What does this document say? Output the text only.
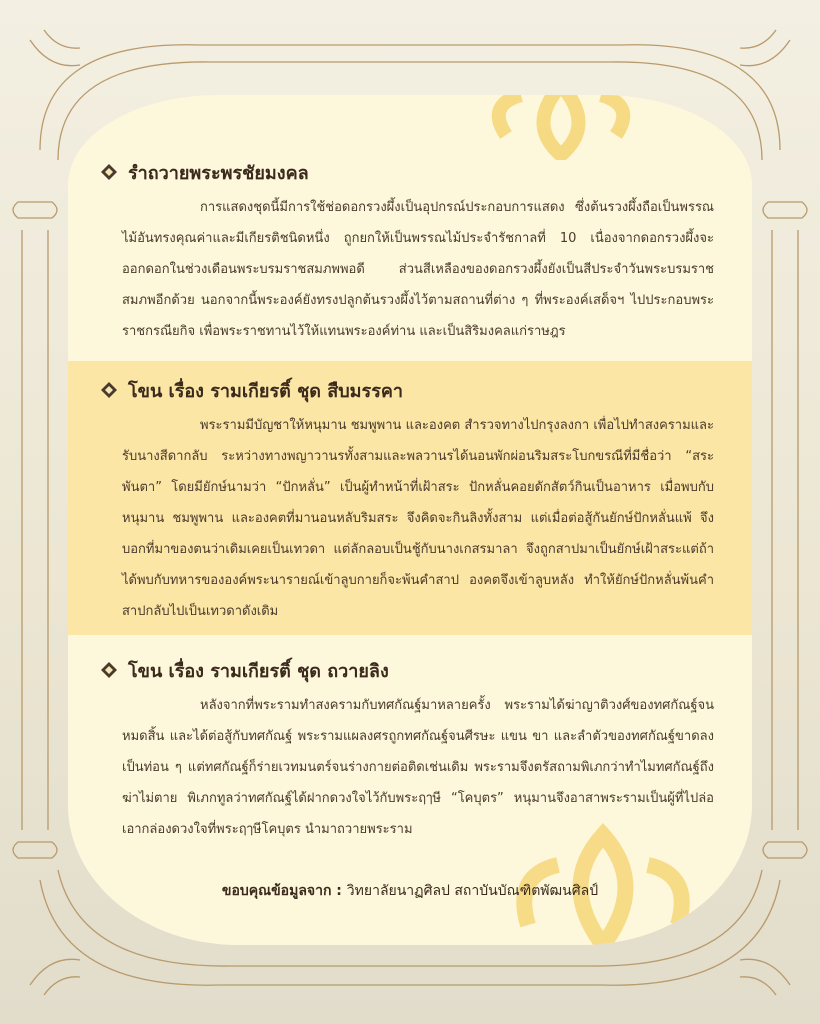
รำถวายพระพรชัยมงคล
การแสดงชุดนี้มีการใช้ช่อดอกรวงผึ้งเป็นอุปกรณ์ประกอบการแสดง ซึ่งต้นรวงผึ้งถือเป็นพรรณไม้อันทรงคุณค่าและมีเกียรติชนิดหนึ่ง ถูกยกให้เป็นพรรณไม้ประจำรัชกาลที่ 10 เนื่องจากดอกรวงผึ้งจะออกดอกในช่วงเดือนพระบรมราชสมภพพอดี ส่วนสีเหลืองของดอกรวงผึ้งยังเป็นสีประจำวันพระบรมราชสมภพอีกด้วย นอกจากนี้พระองค์ยังทรงปลูกต้นรวงผึ้งไว้ตามสถานที่ต่าง ๆ ที่พระองค์เสด็จฯ ไปประกอบพระราชกรณียกิจ เพื่อพระราชทานไว้ให้แทนพระองค์ท่าน และเป็นสิริมงคลแก่ราษฎร
โขน เรื่อง รามเกียรติ์ ชุด สืบมรรคา
พระรามมีบัญชาให้หนุมาน ชมพูพาน และองคต สำรวจทางไปกรุงลงกา เพื่อไปทำสงครามและรับนางสีดากลับ ระหว่างทางพญาวานรทั้งสามและพลวานรได้นอนพักผ่อนริมสระโบกขรณีที่มีชื่อว่า “สระพันตา” โดยมียักษ์นามว่า “ปักหลั่น” เป็นผู้ทำหน้าที่เฝ้าสระ ปักหลั่นคอยดักสัตว์กินเป็นอาหาร เมื่อพบกับหนุมาน ชมพูพาน และองคตที่มานอนหลับริมสระ จึงคิดจะกินลิงทั้งสาม แต่เมื่อต่อสู้กันยักษ์ปักหลั่นแพ้ จึงบอกที่มาของตนว่าเดิมเคยเป็นเทวดา แต่ลักลอบเป็นชู้กับนางเกสรมาลา จึงถูกสาปมาเป็นยักษ์เฝ้าสระแต่ถ้าได้พบกับทหารขององค์พระนารายณ์เข้าลูบกายก็จะพ้นคำสาป องคตจึงเข้าลูบหลัง ทำให้ยักษ์ปักหลั่นพ้นคำสาปกลับไปเป็นเทวดาดังเดิม
โขน เรื่อง รามเกียรติ์ ชุด ถวายลิง
หลังจากที่พระรามทำสงครามกับทศกัณฐ์มาหลายครั้ง พระรามได้ฆ่าญาติวงศ์ของทศกัณฐ์จนหมดสิ้น และได้ต่อสู้กับทศกัณฐ์ พระรามแผลงศรถูกทศกัณฐ์จนศีรษะ แขน ขา และลำตัวของทศกัณฐ์ขาดลงเป็นท่อน ๆ แต่ทศกัณฐ์ก็ร่ายเวทมนตร์จนร่างกายต่อติดเช่นเดิม พระรามจึงตรัสถามพิเภกว่าทำไมทศกัณฐ์ถึงฆ่าไม่ตาย พิเภกทูลว่าทศกัณฐ์ได้ฝากดวงใจไว้กับพระฤๅษี “โคบุตร” หนุมานจึงอาสาพระรามเป็นผู้ที่ไปล่อเอากล่องดวงใจที่พระฤๅษีโคบุตร นำมาถวายพระราม
ขอบคุณข้อมูลจาก : วิทยาลัยนาฏศิลป สถาบันบัณฑิตพัฒนศิลป์
